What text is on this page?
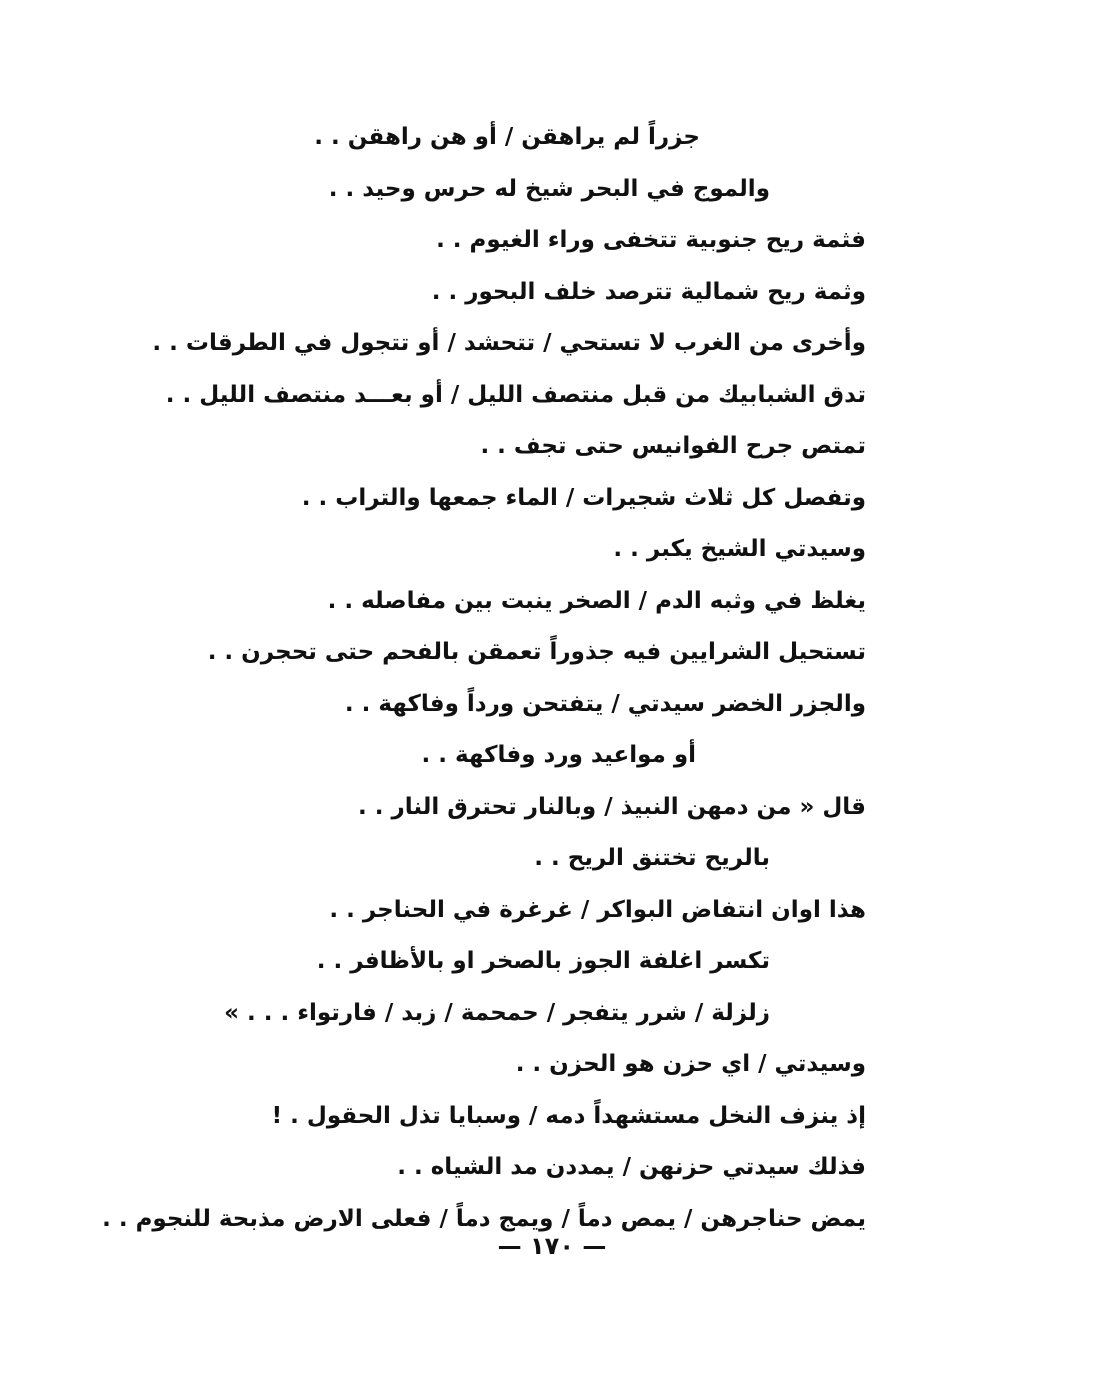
جزراً لم يراهقن / أو هن راهقن . .
والموج في البحر شيخ له حرس وحيد . .
فثمة ريح جنوبية تتخفى وراء الغيوم . .
وثمة ريح شمالية تترصد خلف البحور . .
وأخرى من الغرب لا تستحي / تتحشد / أو تتجول في الطرقات . .
تدق الشبابيك من قبل منتصف الليل / أو بعـــد منتصف الليل . .
تمتص جرح الفوانيس حتى تجف . .
وتفصل كل ثلاث شجيرات / الماء جمعها والتراب . .
وسيدتي الشيخ يكبر . .
يغلظ في وثبه الدم / الصخر ينبت بين مفاصله . .
تستحيل الشرايين فيه جذوراً تعمقن بالفحم حتى تحجرن . .
والجزر الخضر سيدتي / يتفتحن ورداً وفاكهة . .
أو مواعيد ورد وفاكهة . .
قال « من دمهن النبيذ / وبالنار تحترق النار . .
بالريح تختنق الريح . .
هذا اوان انتفاض البواكر / غرغرة في الحناجر . .
تكسر اغلفة الجوز بالصخر او بالأظافر . .
زلزلة / شرر يتفجر / حمحمة / زبد / فارتواء . . . »
وسيدتي / اي حزن هو الحزن . .
إذ ينزف النخل مستشهداً دمه / وسبايا تذل الحقول . !
فذلك سيدتي حزنهن / يمددن مد الشياه . .
يمض حناجرهن / يمص دماً / ويمج دماً / فعلى الارض مذبحة للنجوم . .
— ١٧٠ —
